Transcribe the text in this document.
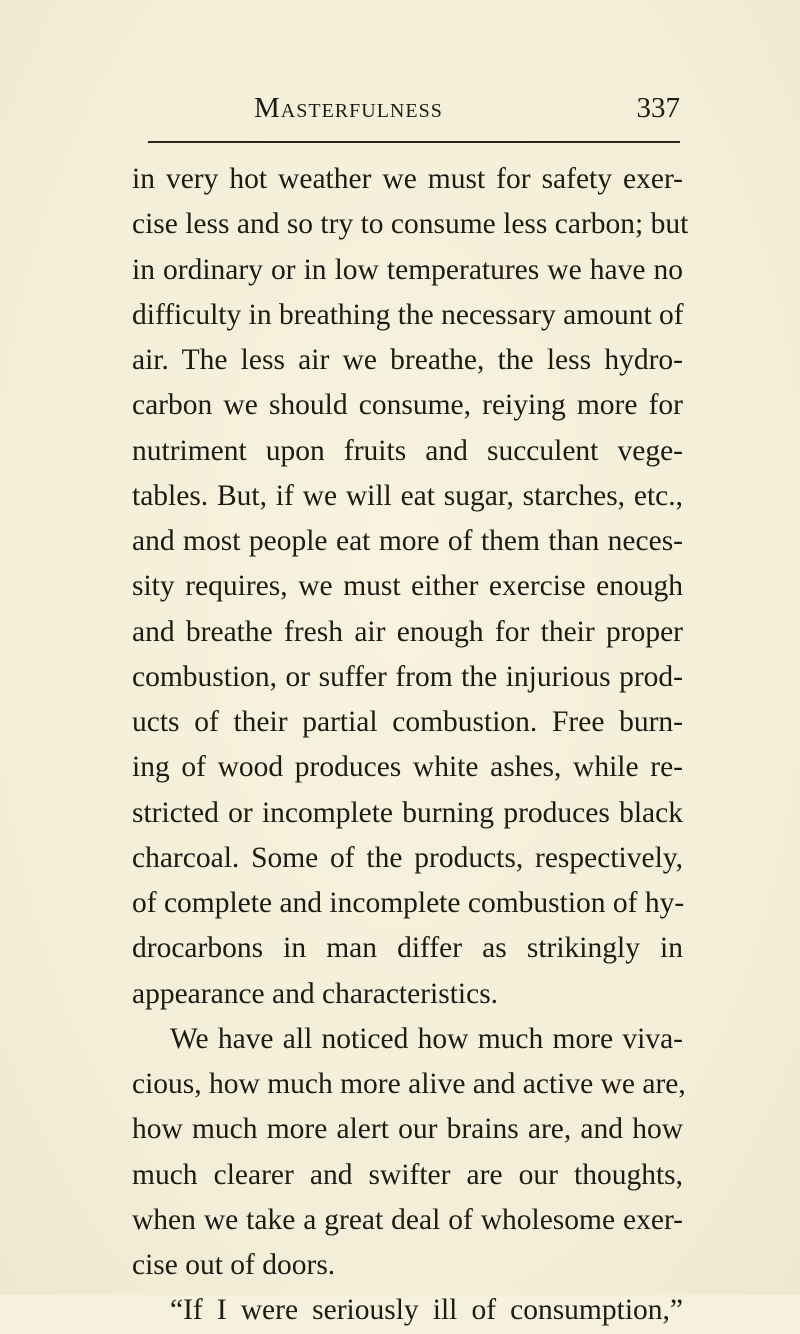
Masterfulness	337
in very hot weather we must for safety exer-
cise less and so try to consume less carbon; but
in ordinary or in low temperatures we have no
difficulty in breathing the necessary amount of
air. The less air we breathe, the less hydro-
carbon we should consume, reiying more for
nutriment upon fruits and succulent vege-
tables. But, if we will eat sugar, starches, etc.,
and most people eat more of them than neces-
sity requires, we must either exercise enough
and breathe fresh air enough for their proper
combustion, or suffer from the injurious prod-
ucts of their partial combustion. Free burn-
ing of wood produces white ashes, while re-
stricted or incomplete burning produces black
charcoal. Some of the products, respectively,
of complete and incomplete combustion of hy-
drocarbons in man differ as strikingly in
appearance and characteristics.
We have all noticed how much more viva-
cious, how much more alive and active we are,
how much more alert our brains are, and how
much clearer and swifter are our thoughts,
when we take a great deal of wholesome exer-
cise out of doors.
“If I were seriously ill of consumption,”
